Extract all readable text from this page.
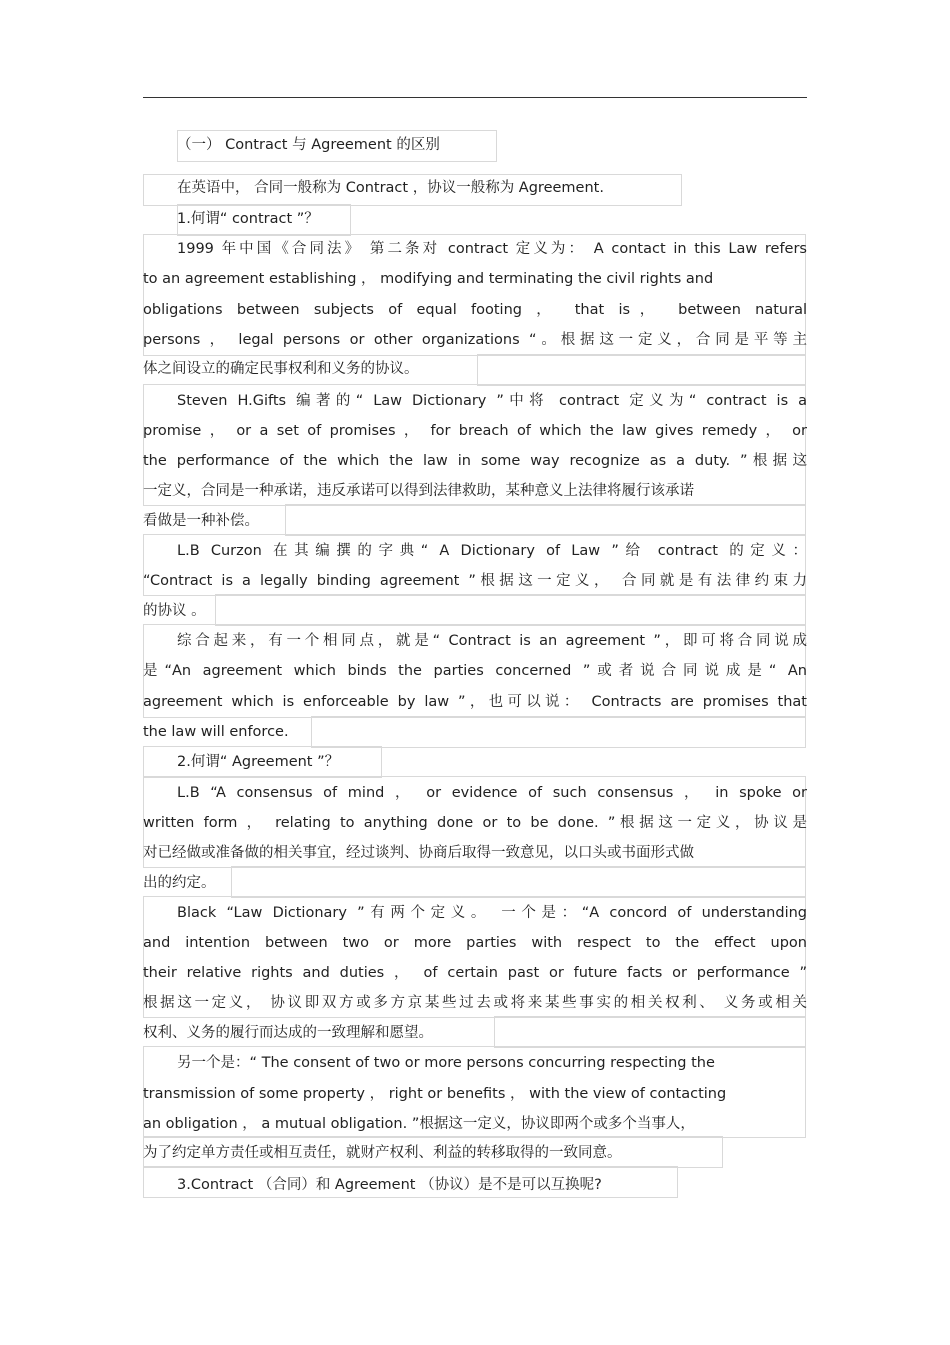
（一） Contract 与 Agreement 的区别
在英语中， 合同一般称为 Contract ，协议一般称为 Agreement.
1.何谓“ contract ”？
1999 年中国《合同法》 第二条对 contract 定义为： A contact in this Law refers
to an agreement establishing ， modifying and terminating the civil rights and
obligations between subjects of equal footing ， that is， between natural
persons ， legal persons or other organizations “。根据这一定义，合同是平等主
体之间设立的确定民事权利和义务的协议。
Steven H.Gifts 编著的“ Law Dictionary ”中将 contract 定义为“ contract is a
promise ， or a set of promises ， for breach of which the law gives remedy ， or
the performance of the which the law in some way recognize as a duty. ”根据这
一定义，合同是一种承诺，违反承诺可以得到法律救助，某种意义上法律将履行该承诺
看做是一种补偿。
L.B Curzon 在其编撰的字典“ A Dictionary of Law ”给 contract 的定义：
“Contract is a legally binding agreement ”根据这一定义， 合同就是有法律约束力
的协议 。
综合起来，有一个相同点，就是“ Contract is an agreement ”，即可将合同说成
是“An agreement which binds the parties concerned ”或者说合同说成是“ An
agreement which is enforceable by law ”，也可以说： Contracts are promises that
the law will enforce.
2.何谓“ Agreement ”？
L.B “A consensus of mind ， or evidence of such consensus ， in spoke or
written form ， relating to anything done or to be done. ”根据这一定义，协议是
对已经做或准备做的相关事宜，经过谈判、协商后取得一致意见，以口头或书面形式做
出的约定。
Black “Law Dictionary ”有两个定义。 一个是：“A concord of understanding
and intention between two or more parties with respect to the effect upon
their relative rights and duties ， of certain past or future facts or performance ”
根据这一定义， 协议即双方或多方京某些过去或将来某些事实的相关权利、 义务或相关
权利、义务的履行而达成的一致理解和愿望。
另一个是：“ The consent of two or more persons concurring respecting the
transmission of some property ， right or benefits ， with the view of contacting
an obligation ， a mutual obligation. ”根据这一定义，协议即两个或多个当事人，
为了约定单方责任或相互责任，就财产权利、利益的转移取得的一致同意。
3.Contract （合同）和 Agreement （协议）是不是可以互换呢?
